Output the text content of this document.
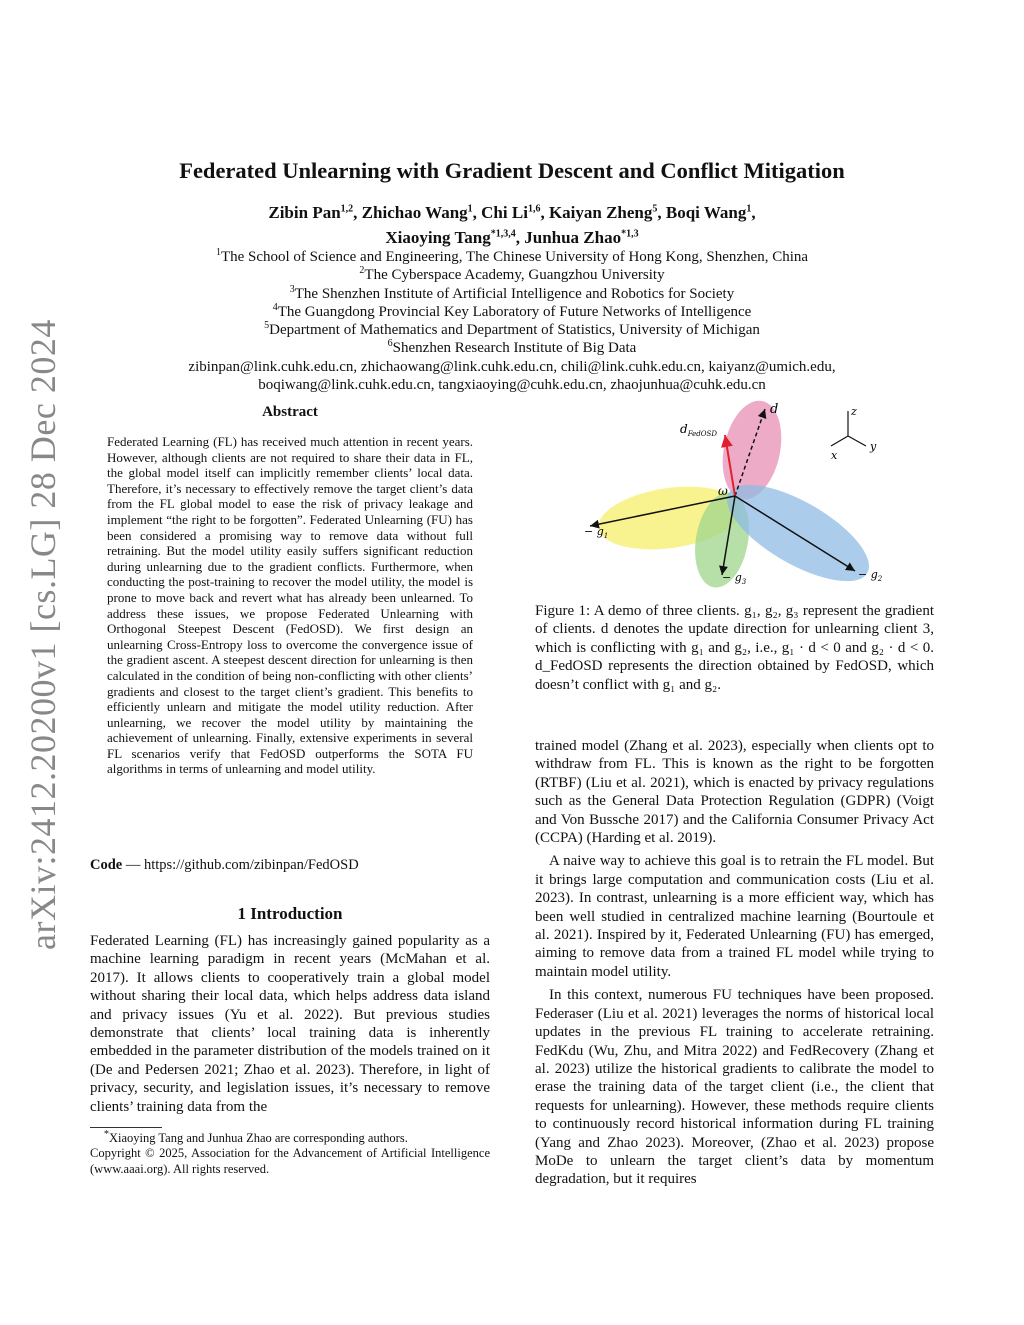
arXiv:2412.20200v1 [cs.LG] 28 Dec 2024
Federated Unlearning with Gradient Descent and Conflict Mitigation
Zibin Pan$^{1,2}$, Zhichao Wang$^1$, Chi Li$^{1,6}$, Kaiyan Zheng$^5$, Boqi Wang$^1$,
Xiaoying Tang$^{*1,3,4}$, Junhua Zhao$^{*1,3}$
$^1$The School of Science and Engineering, The Chinese University of Hong Kong, Shenzhen, China
$^2$The Cyberspace Academy, Guangzhou University
$^3$The Shenzhen Institute of Artificial Intelligence and Robotics for Society
$^4$The Guangdong Provincial Key Laboratory of Future Networks of Intelligence
$^5$Department of Mathematics and Department of Statistics, University of Michigan
$^6$Shenzhen Research Institute of Big Data
zibinpan@link.cuhk.edu.cn, zhichaowang@link.cuhk.edu.cn, chili@link.cuhk.edu.cn, kaiyanz@umich.edu,
boqiwang@link.cuhk.edu.cn, tangxiaoying@cuhk.edu.cn, zhaojunhua@cuhk.edu.cn
Abstract
Federated Learning (FL) has received much attention in recent years. However, although clients are not required to share their data in FL, the global model itself can implicitly remember clients’ local data. Therefore, it’s necessary to effectively remove the target client’s data from the FL global model to ease the risk of privacy leakage and implement “the right to be forgotten”. Federated Unlearning (FU) has been considered a promising way to remove data without full retraining. But the model utility easily suffers significant reduction during unlearning due to the gradient conflicts. Furthermore, when conducting the post-training to recover the model utility, the model is prone to move back and revert what has already been unlearned. To address these issues, we propose Federated Unlearning with Orthogonal Steepest Descent (FedOSD). We first design an unlearning Cross-Entropy loss to overcome the convergence issue of the gradient ascent. A steepest descent direction for unlearning is then calculated in the condition of being non-conflicting with other clients’ gradients and closest to the target client’s gradient. This benefits to efficiently unlearn and mitigate the model utility reduction. After unlearning, we recover the model utility by maintaining the achievement of unlearning. Finally, extensive experiments in several FL scenarios verify that FedOSD outperforms the SOTA FU algorithms in terms of unlearning and model utility.
Code — https://github.com/zibinpan/FedOSD
1 Introduction
Federated Learning (FL) has increasingly gained popularity as a machine learning paradigm in recent years (McMahan et al. 2017). It allows clients to cooperatively train a global model without sharing their local data, which helps address data island and privacy issues (Yu et al. 2022). But previous studies demonstrate that clients’ local training data is inherently embedded in the parameter distribution of the models trained on it (De and Pedersen 2021; Zhao et al. 2023). Therefore, in light of privacy, security, and legislation issues, it’s necessary to remove clients’ training data from the

*Xiaoying Tang and Junhua Zhao are corresponding authors.

Copyright © 2025, Association for the Advancement of Artificial Intelligence (www.aaai.org). All rights reserved.

d
$d_{FedOSD}$
ω
− $g_1$
− $g_2$
− $g_3$
z
y
x
Figure 1: A demo of three clients. g₁, g₂, g₃ represent the gradient of clients. d denotes the update direction for unlearning client 3, which is conflicting with g₁ and g₂, i.e., g₁ · d < 0 and g₂ · d < 0. d_FedOSD represents the direction obtained by FedOSD, which doesn’t conflict with g₁ and g₂.

trained model (Zhang et al. 2023), especially when clients opt to withdraw from FL. This is known as the right to be forgotten (RTBF) (Liu et al. 2021), which is enacted by privacy regulations such as the General Data Protection Regulation (GDPR) (Voigt and Von Bussche 2017) and the California Consumer Privacy Act (CCPA) (Harding et al. 2019).

A naive way to achieve this goal is to retrain the FL model. But it brings large computation and communication costs (Liu et al. 2023). In contrast, unlearning is a more efficient way, which has been well studied in centralized machine learning (Bourtoule et al. 2021). Inspired by it, Federated Unlearning (FU) has emerged, aiming to remove data from a trained FL model while trying to maintain model utility.

In this context, numerous FU techniques have been proposed. Federaser (Liu et al. 2021) leverages the norms of historical local updates in the previous FL training to accelerate retraining. FedKdu (Wu, Zhu, and Mitra 2022) and FedRecovery (Zhang et al. 2023) utilize the historical gradients to calibrate the model to erase the training data of the target client (i.e., the client that requests for unlearning). However, these methods require clients to continuously record historical information during FL training (Yang and Zhao 2023). Moreover, (Zhao et al. 2023) propose MoDe to unlearn the target client’s data by momentum degradation, but it requires
